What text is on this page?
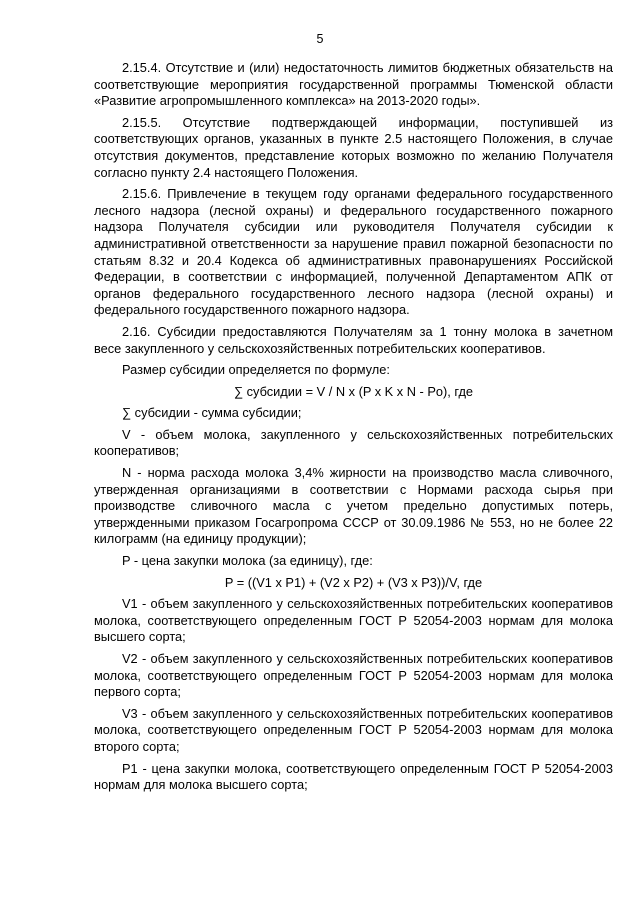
5

2.15.4. Отсутствие и (или) недостаточность лимитов бюджетных обязательств на соответствующие мероприятия государственной программы Тюменской области «Развитие агропромышленного комплекса» на 2013-2020 годы».

2.15.5. Отсутствие подтверждающей информации, поступившей из соответствующих органов, указанных в пункте 2.5 настоящего Положения, в случае отсутствия документов, представление которых возможно по желанию Получателя согласно пункту 2.4 настоящего Положения.

2.15.6. Привлечение в текущем году органами федерального государственного лесного надзора (лесной охраны) и федерального государственного пожарного надзора Получателя субсидии или руководителя Получателя субсидии к административной ответственности за нарушение правил пожарной безопасности по статьям 8.32 и 20.4 Кодекса об административных правонарушениях Российской Федерации, в соответствии с информацией, полученной Департаментом АПК от органов федерального государственного лесного надзора (лесной охраны) и федерального государственного пожарного надзора.

2.16. Субсидии предоставляются Получателям за 1 тонну молока в зачетном весе закупленного у сельскохозяйственных потребительских кооперативов.

Размер субсидии определяется по формуле:

∑ субсидии = V / N x (P x K x N - Po), где

∑ субсидии - сумма субсидии;

V - объем молока, закупленного у сельскохозяйственных потребительских кооперативов;

N - норма расхода молока 3,4% жирности на производство масла сливочного, утвержденная организациями в соответствии с Нормами расхода сырья при производстве сливочного масла с учетом предельно допустимых потерь, утвержденными приказом Госагропрома СССР от 30.09.1986 № 553, но не более 22 килограмм (на единицу продукции);

P - цена закупки молока (за единицу), где:

P = ((V1 x P1) + (V2 x P2) + (V3 x P3))/V, где

V1 - объем закупленного у сельскохозяйственных потребительских кооперативов молока, соответствующего определенным ГОСТ Р 52054-2003 нормам для молока высшего сорта;

V2 - объем закупленного у сельскохозяйственных потребительских кооперативов молока, соответствующего определенным ГОСТ Р 52054-2003 нормам для молока первого сорта;

V3 - объем закупленного у сельскохозяйственных потребительских кооперативов молока, соответствующего определенным ГОСТ Р 52054-2003 нормам для молока второго сорта;

P1 - цена закупки молока, соответствующего определенным ГОСТ Р 52054-2003 нормам для молока высшего сорта;
